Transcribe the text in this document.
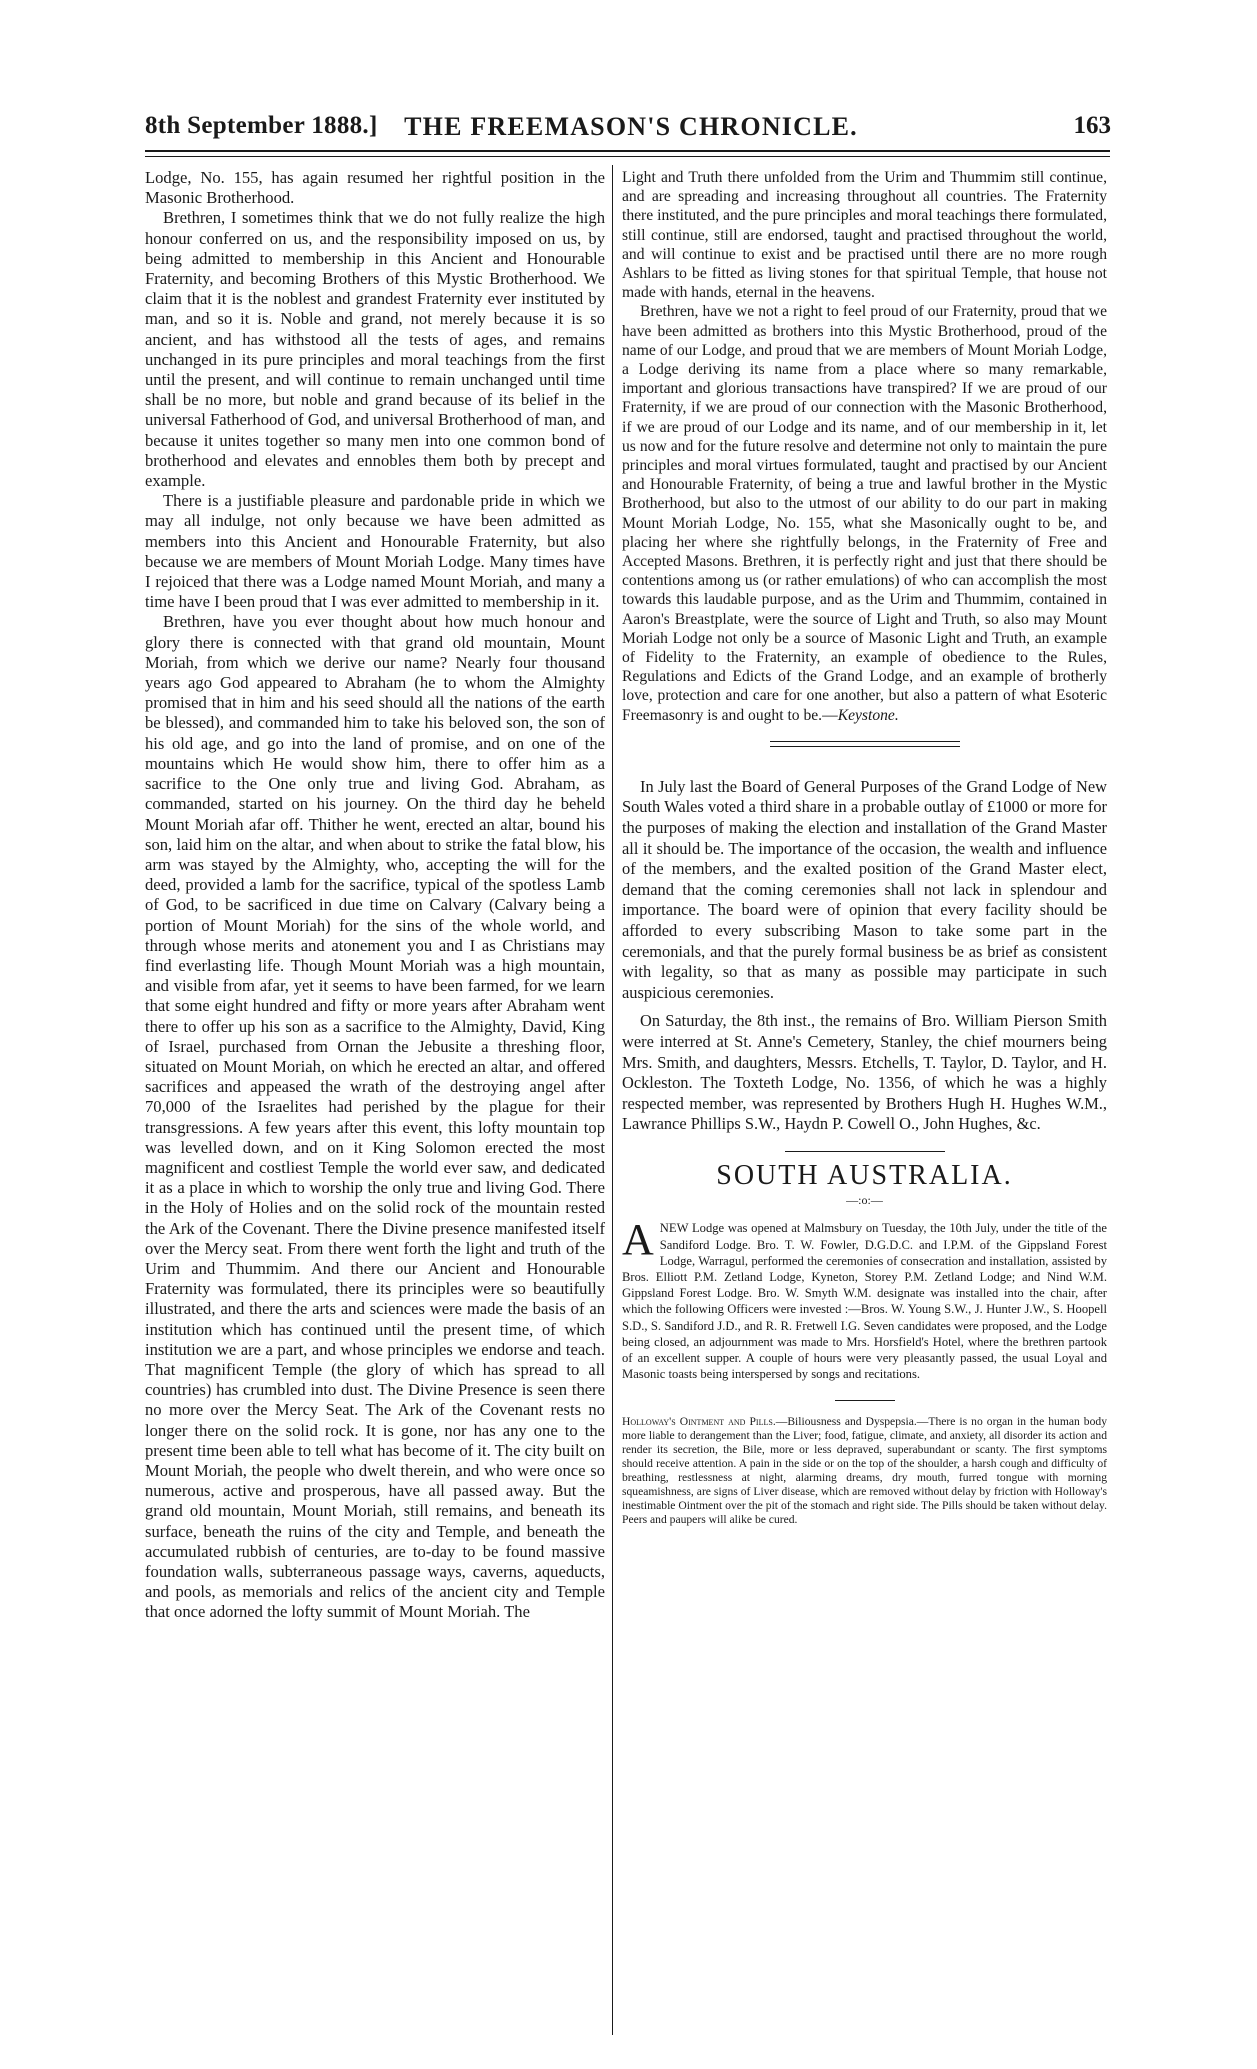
8th September 1888.]	THE FREEMASON'S CHRONICLE.	163

Lodge, No. 155, has again resumed her rightful position in the Masonic Brotherhood.

Brethren, I sometimes think that we do not fully realize the high honour conferred on us, and the responsibility imposed on us, by being admitted to membership in this Ancient and Honourable Fraternity, and becoming Brothers of this Mystic Brotherhood. We claim that it is the noblest and grandest Fraternity ever instituted by man, and so it is. Noble and grand, not merely because it is so ancient, and has withstood all the tests of ages, and remains unchanged in its pure principles and moral teachings from the first until the present, and will continue to remain unchanged until time shall be no more, but noble and grand because of its belief in the universal Fatherhood of God, and universal Brotherhood of man, and because it unites together so many men into one common bond of brotherhood and elevates and ennobles them both by precept and example.

There is a justifiable pleasure and pardonable pride in which we may all indulge, not only because we have been admitted as members into this Ancient and Honourable Fraternity, but also because we are members of Mount Moriah Lodge. Many times have I rejoiced that there was a Lodge named Mount Moriah, and many a time have I been proud that I was ever admitted to membership in it.

Brethren, have you ever thought about how much honour and glory there is connected with that grand old mountain, Mount Moriah, from which we derive our name? Nearly four thousand years ago God appeared to Abraham (he to whom the Almighty promised that in him and his seed should all the nations of the earth be blessed), and commanded him to take his beloved son, the son of his old age, and go into the land of promise, and on one of the mountains which He would show him, there to offer him as a sacrifice to the One only true and living God. Abraham, as commanded, started on his journey. On the third day he beheld Mount Moriah afar off. Thither he went, erected an altar, bound his son, laid him on the altar, and when about to strike the fatal blow, his arm was stayed by the Almighty, who, accepting the will for the deed, provided a lamb for the sacrifice, typical of the spotless Lamb of God, to be sacrificed in due time on Calvary (Calvary being a portion of Mount Moriah) for the sins of the whole world, and through whose merits and atonement you and I as Christians may find everlasting life. Though Mount Moriah was a high mountain, and visible from afar, yet it seems to have been farmed, for we learn that some eight hundred and fifty or more years after Abraham went there to offer up his son as a sacrifice to the Almighty, David, King of Israel, purchased from Ornan the Jebusite a threshing floor, situated on Mount Moriah, on which he erected an altar, and offered sacrifices and appeased the wrath of the destroying angel after 70,000 of the Israelites had perished by the plague for their transgressions. A few years after this event, this lofty mountain top was levelled down, and on it King Solomon erected the most magnificent and costliest Temple the world ever saw, and dedicated it as a place in which to worship the only true and living God. There in the Holy of Holies and on the solid rock of the mountain rested the Ark of the Covenant. There the Divine presence manifested itself over the Mercy seat. From there went forth the light and truth of the Urim and Thummim. And there our Ancient and Honourable Fraternity was formulated, there its principles were so beautifully illustrated, and there the arts and sciences were made the basis of an institution which has continued until the present time, of which institution we are a part, and whose principles we endorse and teach. That magnificent Temple (the glory of which has spread to all countries) has crumbled into dust. The Divine Presence is seen there no more over the Mercy Seat. The Ark of the Covenant rests no longer there on the solid rock. It is gone, nor has any one to the present time been able to tell what has become of it. The city built on Mount Moriah, the people who dwelt therein, and who were once so numerous, active and prosperous, have all passed away. But the grand old mountain, Mount Moriah, still remains, and beneath its surface, beneath the ruins of the city and Temple, and beneath the accumulated rubbish of centuries, are to-day to be found massive foundation walls, subterraneous passage ways, caverns, aqueducts, and pools, as memorials and relics of the ancient city and Temple that once adorned the lofty summit of Mount Moriah. The

Light and Truth there unfolded from the Urim and Thummim still continue, and are spreading and increasing throughout all countries. The Fraternity there instituted, and the pure principles and moral teachings there formulated, still continue, still are endorsed, taught and practised throughout the world, and will continue to exist and be practised until there are no more rough Ashlars to be fitted as living stones for that spiritual Temple, that house not made with hands, eternal in the heavens.

Brethren, have we not a right to feel proud of our Fraternity, proud that we have been admitted as brothers into this Mystic Brotherhood, proud of the name of our Lodge, and proud that we are members of Mount Moriah Lodge, a Lodge deriving its name from a place where so many remarkable, important and glorious transactions have transpired? If we are proud of our Fraternity, if we are proud of our connection with the Masonic Brotherhood, if we are proud of our Lodge and its name, and of our membership in it, let us now and for the future resolve and determine not only to maintain the pure principles and moral virtues formulated, taught and practised by our Ancient and Honourable Fraternity, of being a true and lawful brother in the Mystic Brotherhood, but also to the utmost of our ability to do our part in making Mount Moriah Lodge, No. 155, what she Masonically ought to be, and placing her where she rightfully belongs, in the Fraternity of Free and Accepted Masons. Brethren, it is perfectly right and just that there should be contentions among us (or rather emulations) of who can accomplish the most towards this laudable purpose, and as the Urim and Thummim, contained in Aaron's Breastplate, were the source of Light and Truth, so also may Mount Moriah Lodge not only be a source of Masonic Light and Truth, an example of Fidelity to the Fraternity, an example of obedience to the Rules, Regulations and Edicts of the Grand Lodge, and an example of brotherly love, protection and care for one another, but also a pattern of what Esoteric Freemasonry is and ought to be.—Keystone.

In July last the Board of General Purposes of the Grand Lodge of New South Wales voted a third share in a probable outlay of £1000 or more for the purposes of making the election and installation of the Grand Master all it should be. The importance of the occasion, the wealth and influence of the members, and the exalted position of the Grand Master elect, demand that the coming ceremonies shall not lack in splendour and importance. The board were of opinion that every facility should be afforded to every subscribing Mason to take some part in the ceremonials, and that the purely formal business be as brief as consistent with legality, so that as many as possible may participate in such auspicious ceremonies.

On Saturday, the 8th inst., the remains of Bro. William Pierson Smith were interred at St. Anne's Cemetery, Stanley, the chief mourners being Mrs. Smith, and daughters, Messrs. Etchells, T. Taylor, D. Taylor, and H. Ockleston. The Toxteth Lodge, No. 1356, of which he was a highly respected member, was represented by Brothers Hugh H. Hughes W.M., Lawrance Phillips S.W., Haydn P. Cowell O., John Hughes, &c.

SOUTH AUSTRALIA.
—:o:—
ANEW Lodge was opened at Malmsbury on Tuesday, the 10th July, under the title of the Sandiford Lodge. Bro. T. W. Fowler, D.G.D.C. and I.P.M. of the Gippsland Forest Lodge, Warragul, performed the ceremonies of consecration and installation, assisted by Bros. Elliott P.M. Zetland Lodge, Kyneton, Storey P.M. Zetland Lodge; and Nind W.M. Gippsland Forest Lodge. Bro. W. Smyth W.M. designate was installed into the chair, after which the following Officers were invested :—Bros. W. Young S.W., J. Hunter J.W., S. Hoopell S.D., S. Sandiford J.D., and R. R. Fretwell I.G. Seven candidates were proposed, and the Lodge being closed, an adjournment was made to Mrs. Horsfield's Hotel, where the brethren partook of an excellent supper. A couple of hours were very pleasantly passed, the usual Loyal and Masonic toasts being interspersed by songs and recitations.
Holloway's Ointment and Pills.—Biliousness and Dyspepsia.—There is no organ in the human body more liable to derangement than the Liver; food, fatigue, climate, and anxiety, all disorder its action and render its secretion, the Bile, more or less depraved, superabundant or scanty. The first symptoms should receive attention. A pain in the side or on the top of the shoulder, a harsh cough and difficulty of breathing, restlessness at night, alarming dreams, dry mouth, furred tongue with morning squeamishness, are signs of Liver disease, which are removed without delay by friction with Holloway's inestimable Ointment over the pit of the stomach and right side. The Pills should be taken without delay. Peers and paupers will alike be cured.
